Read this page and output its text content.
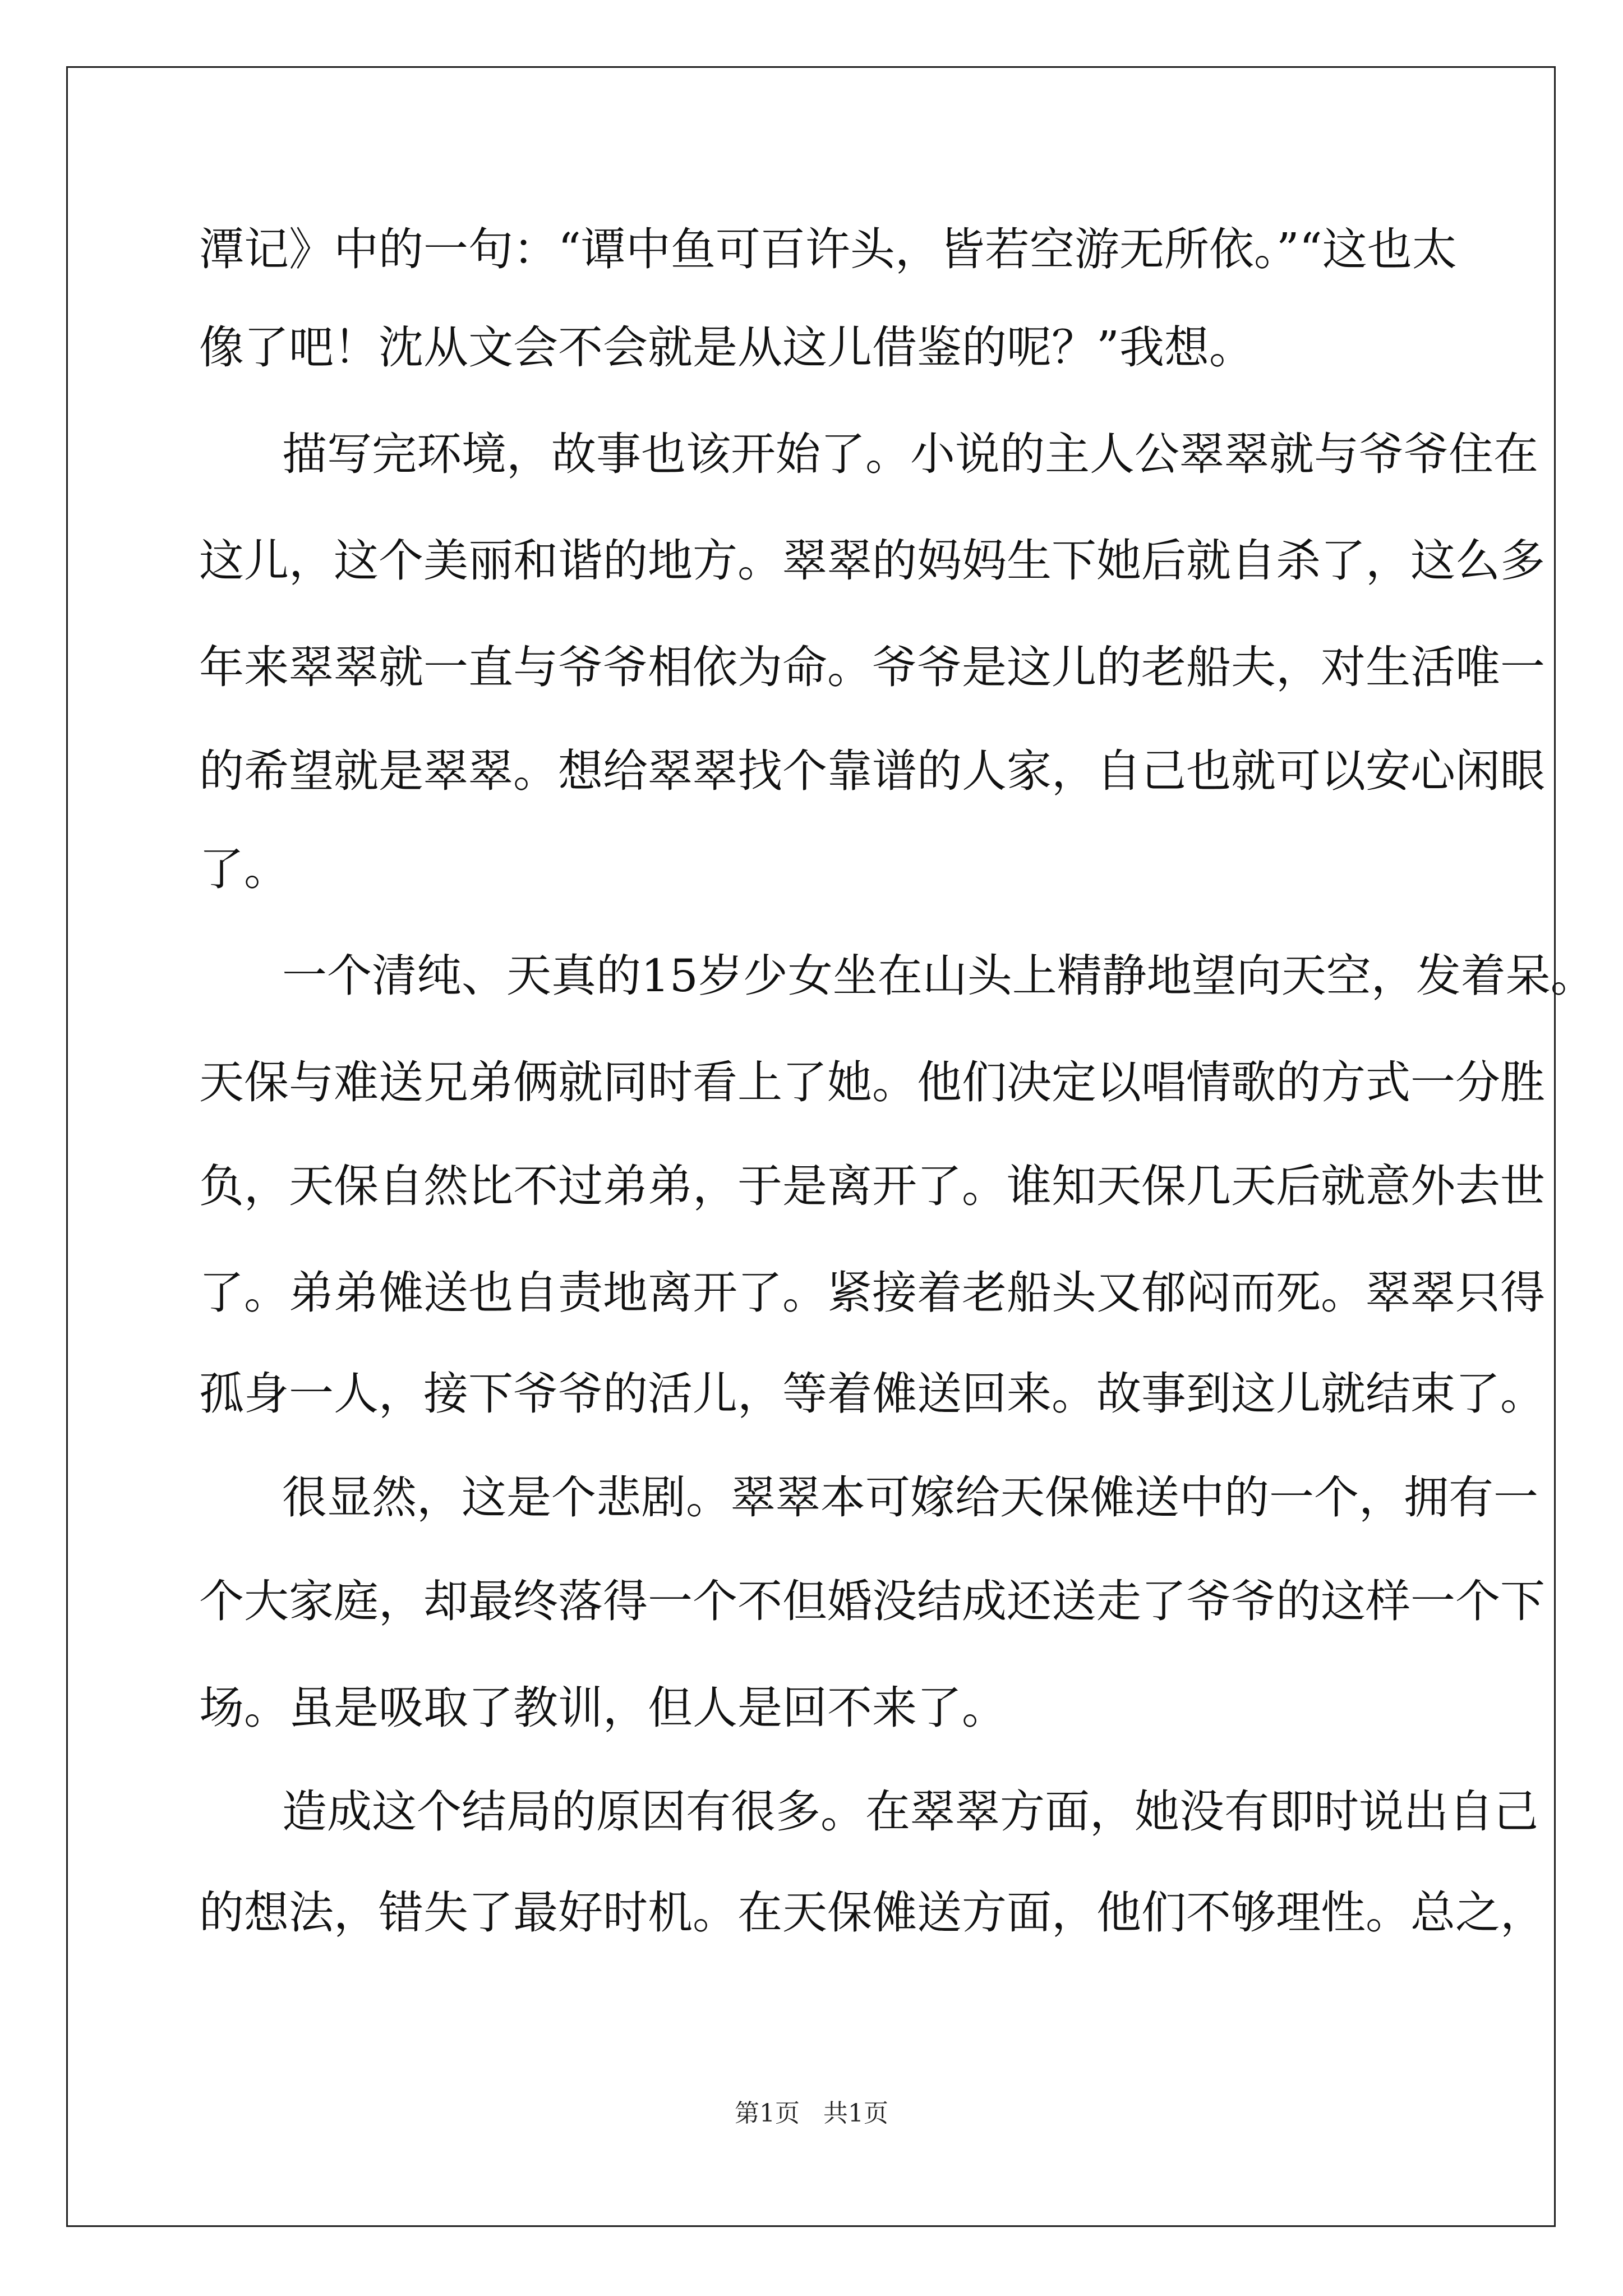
潭记》中的一句：“谭中鱼可百许头，皆若空游无所依。”“这也太
像了吧！沈从文会不会就是从这儿借鉴的呢？”我想。
描写完环境，故事也该开始了。小说的主人公翠翠就与爷爷住在
这儿，这个美丽和谐的地方。翠翠的妈妈生下她后就自杀了，这么多
年来翠翠就一直与爷爷相依为命。爷爷是这儿的老船夫，对生活唯一
的希望就是翠翠。想给翠翠找个靠谱的人家，自己也就可以安心闲眼
了。
一个清纯、天真的15岁少女坐在山头上精静地望向天空，发着呆。
天保与难送兄弟俩就同时看上了她。他们决定以唱情歌的方式一分胜
负，天保自然比不过弟弟，于是离开了。谁知天保几天后就意外去世
了。弟弟傩送也自责地离开了。紧接着老船头又郁闷而死。翠翠只得
孤身一人，接下爷爷的活儿，等着傩送回来。故事到这儿就结束了。
很显然，这是个悲剧。翠翠本可嫁给天保傩送中的一个，拥有一
个大家庭，却最终落得一个不但婚没结成还送走了爷爷的这样一个下
场。虽是吸取了教训，但人是回不来了。
造成这个结局的原因有很多。在翠翠方面，她没有即时说出自己
的想法，错失了最好时机。在天保傩送方面，他们不够理性。总之，
第1页   共1页
